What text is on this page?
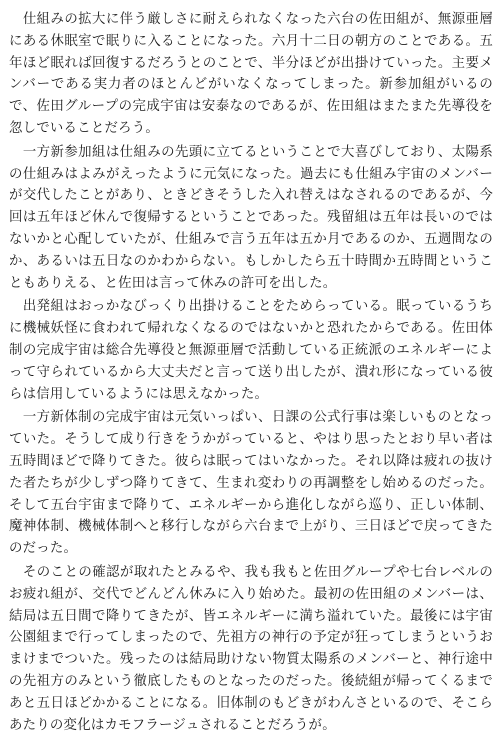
　仕組みの拡大に伴う厳しさに耐えられなくなった六台の佐田組が、無源亜層にある休眠室で眠りに入ることになった。六月十二日の朝方のことである。五年ほど眠れば回復するだろうとのことで、半分ほどが出掛けていった。主要メンバーである実力者のほとんどがいなくなってしまった。新参加組がいるので、佐田グループの完成宇宙は安泰なのであるが、佐田組はまたまた先導役を忽しでいることだろう。

　一方新参加組は仕組みの先頭に立てるということで大喜びしており、太陽系の仕組みはよみがえったように元気になった。過去にも仕組み宇宙のメンバーが交代したことがあり、ときどきそうした入れ替えはなされるのであるが、今回は五年ほど休んで復帰するということであった。残留組は五年は長いのではないかと心配していたが、仕組みで言う五年は五か月であるのか、五週間なのか、あるいは五日なのかわからない。もしかしたら五十時間か五時間ということもありえる、と佐田は言って休みの許可を出した。

　出発組はおっかなびっくり出掛けることをためらっている。眠っているうちに機械妖怪に食われて帰れなくなるのではないかと恐れたからである。佐田体制の完成宇宙は総合先導役と無源亜層で活動している正統派のエネルギーによって守られているから大丈夫だと言って送り出したが、潰れ形になっている彼らは信用しているようには思えなかった。

　一方新体制の完成宇宙は元気いっぱい、日課の公式行事は楽しいものとなっていた。そうして成り行きをうかがっていると、やはり思ったとおり早い者は五時間ほどで降りてきた。彼らは眠ってはいなかった。それ以降は疲れの抜けた者たちが少しずつ降りてきて、生まれ変わりの再調整をし始めるのだった。そして五台宇宙まで降りて、エネルギーから進化しながら巡り、正しい体制、魔神体制、機械体制へと移行しながら六台まで上がり、三日ほどで戻ってきたのだった。

　そのことの確認が取れたとみるや、我も我もと佐田グループや七台レベルのお疲れ組が、交代でどんどん休みに入り始めた。最初の佐田組のメンバーは、結局は五日間で降りてきたが、皆エネルギーに満ち溢れていた。最後には宇宙公園組まで行ってしまったので、先祖方の神行の予定が狂ってしまうというおまけまでついた。残ったのは結局助けない物質太陽系のメンバーと、神行途中の先祖方のみという徹底したものとなったのだった。後続組が帰ってくるまであと五日ほどかかることになる。旧体制のもどきがわんさといるので、そこらあたりの変化はカモフラージュされることだろうが。
